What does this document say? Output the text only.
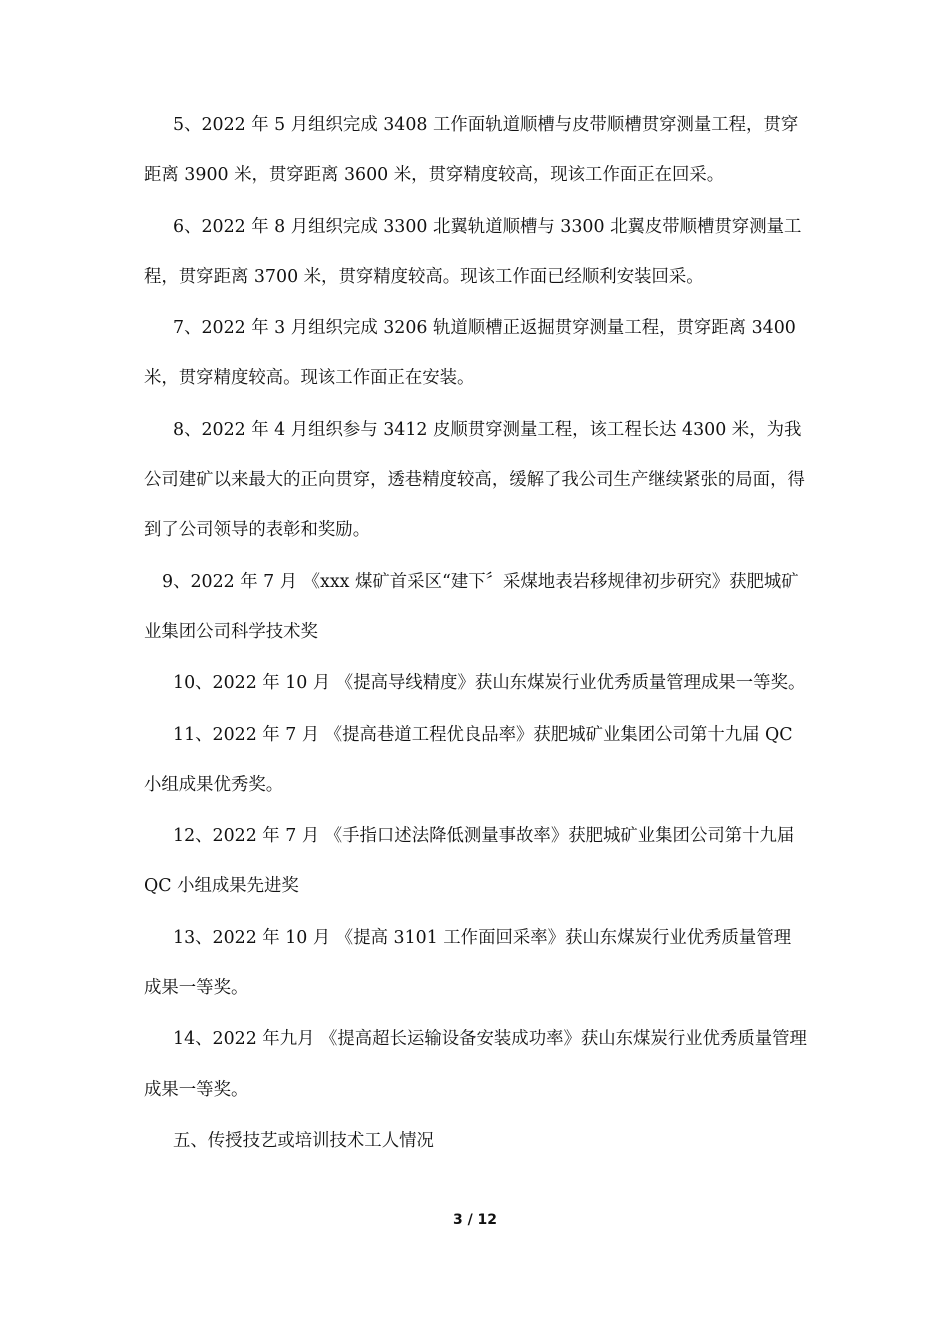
5、2022 年 5 月组织完成 3408 工作面轨道顺槽与皮带顺槽贯穿测量工程，贯穿距离 3900 米，贯穿距离 3600 米，贯穿精度较高，现该工作面正在回采。

6、2022 年 8 月组织完成 3300 北翼轨道顺槽与 3300 北翼皮带顺槽贯穿测量工程，贯穿距离 3700 米，贯穿精度较高。现该工作面已经顺利安装回采。

7、2022 年 3 月组织完成 3206 轨道顺槽正返掘贯穿测量工程，贯穿距离 3400 米，贯穿精度较高。现该工作面正在安装。

8、2022 年 4 月组织参与 3412 皮顺贯穿测量工程，该工程长达 4300 米，为我公司建矿以来最大的正向贯穿，透巷精度较高，缓解了我公司生产继续紧张的局面，得到了公司领导的表彰和奖励。

9、2022 年 7 月 《xxx 煤矿首采区“建下〞采煤地表岩移规律初步研究》获肥城矿业集团公司科学技术奖

10、2022 年 10 月 《提高导线精度》获山东煤炭行业优秀质量管理成果一等奖。

11、2022 年 7 月 《提高巷道工程优良品率》获肥城矿业集团公司第十九届 QC 小组成果优秀奖。

12、2022 年 7 月 《手指口述法降低测量事故率》获肥城矿业集团公司第十九届 QC 小组成果先进奖

13、2022 年 10 月 《提高 3101 工作面回采率》获山东煤炭行业优秀质量管理成果一等奖。

14、2022 年九月 《提高超长运输设备安装成功率》获山东煤炭行业优秀质量管理成果一等奖。

五、传授技艺或培训技术工人情况

3 / 12
